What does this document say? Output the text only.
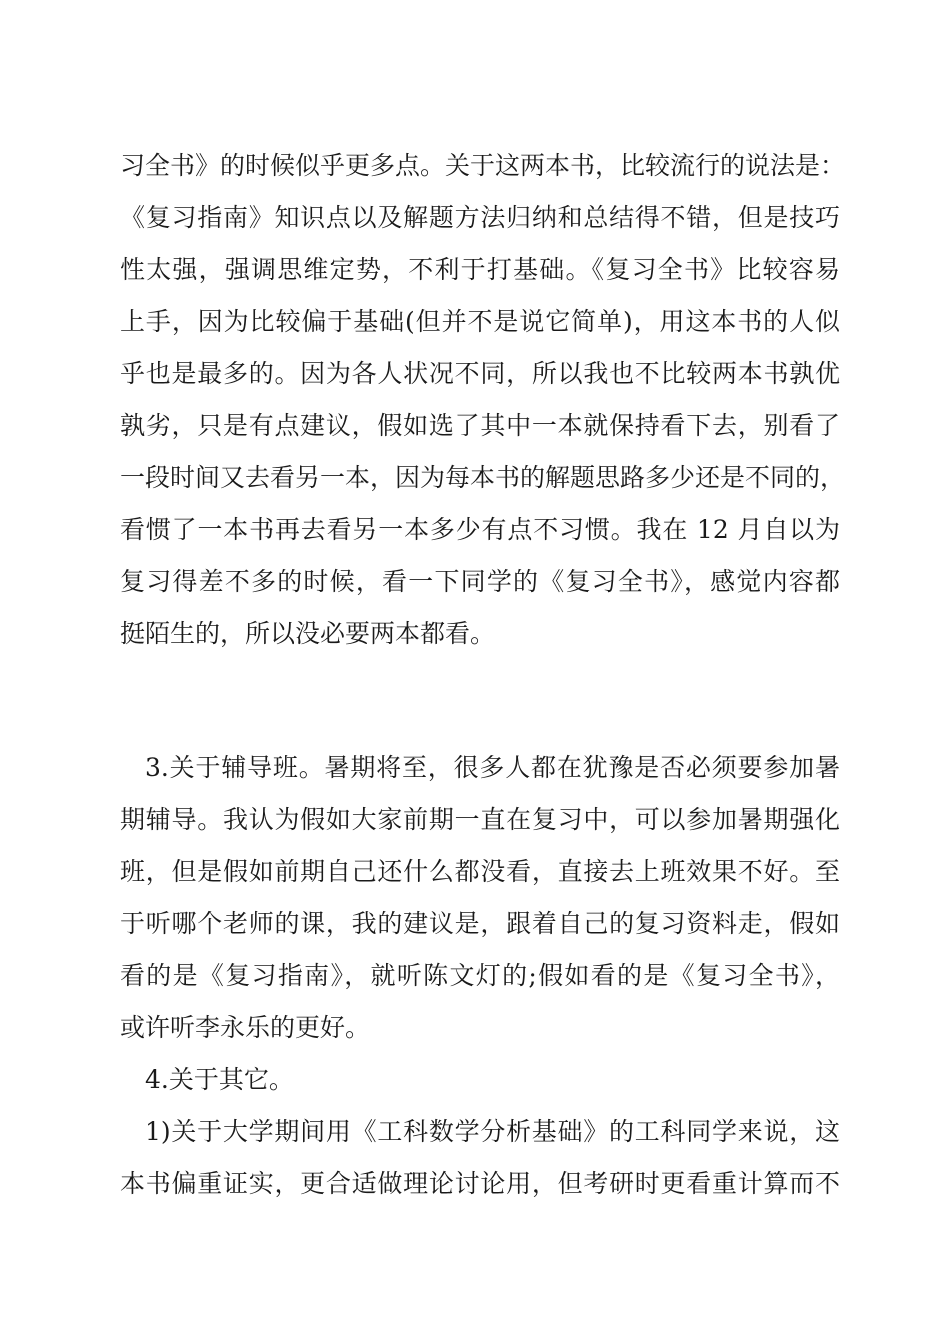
习全书》的时候似乎更多点。关于这两本书，比较流行的说法是：
《复习指南》知识点以及解题方法归纳和总结得不错，但是技巧
性太强，强调思维定势，不利于打基础。《复习全书》比较容易
上手，因为比较偏于基础(但并不是说它简单)，用这本书的人似
乎也是最多的。因为各人状况不同，所以我也不比较两本书孰优
孰劣，只是有点建议，假如选了其中一本就保持看下去，别看了
一段时间又去看另一本，因为每本书的解题思路多少还是不同的，
看惯了一本书再去看另一本多少有点不习惯。我在 12 月自以为
复习得差不多的时候，看一下同学的《复习全书》，感觉内容都
挺陌生的，所以没必要两本都看。
3.关于辅导班。暑期将至，很多人都在犹豫是否必须要参加暑
期辅导。我认为假如大家前期一直在复习中，可以参加暑期强化
班，但是假如前期自己还什么都没看，直接去上班效果不好。至
于听哪个老师的课，我的建议是，跟着自己的复习资料走，假如
看的是《复习指南》，就听陈文灯的;假如看的是《复习全书》，
或许听李永乐的更好。
4.关于其它。
1)关于大学期间用《工科数学分析基础》的工科同学来说，这
本书偏重证实，更合适做理论讨论用，但考研时更看重计算而不
